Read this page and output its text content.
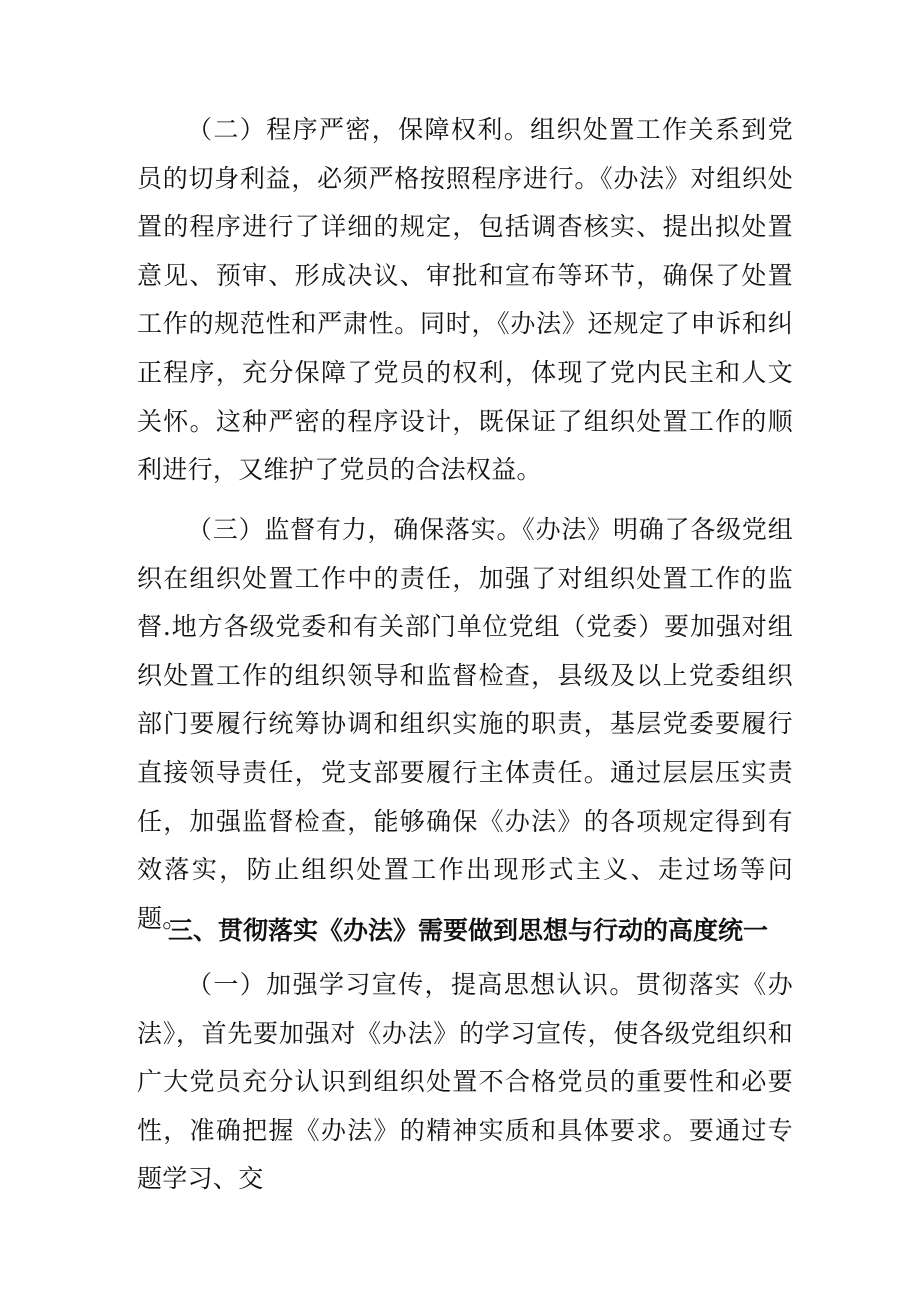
（二）程序严密，保障权利。组织处置工作关系到党员的切身利益，必须严格按照程序进行。《办法》对组织处置的程序进行了详细的规定，包括调杳核实、提出拟处置意见、预审、形成决议、审批和宣布等环节，确保了处置工作的规范性和严肃性。同时，《办法》还规定了申诉和纠正程序，充分保障了党员的权利，体现了党内民主和人文关怀。这种严密的程序设计，既保证了组织处置工作的顺利进行，又维护了党员的合法权益。

（三）监督有力，确保落实。《办法》明确了各级党组织在组织处置工作中的责任，加强了对组织处置工作的监督.地方各级党委和有关部门单位党组（党委）要加强对组织处置工作的组织领导和监督检查，县级及以上党委组织部门要履行统筹协调和组织实施的职责，基层党委要履行直接领导责任，党支部要履行主体责任。通过层层压实责任，加强监督检查，能够确保《办法》的各项规定得到有效落实，防止组织处置工作出现形式主义、走过场等问题。

三、贯彻落实《办法》需要做到思想与行动的高度统一

（一）加强学习宣传，提高思想认识。贯彻落实《办法》，首先要加强对《办法》的学习宣传，使各级党组织和广大党员充分认识到组织处置不合格党员的重要性和必要性，准确把握《办法》的精神实质和具体要求。要通过专题学习、交
